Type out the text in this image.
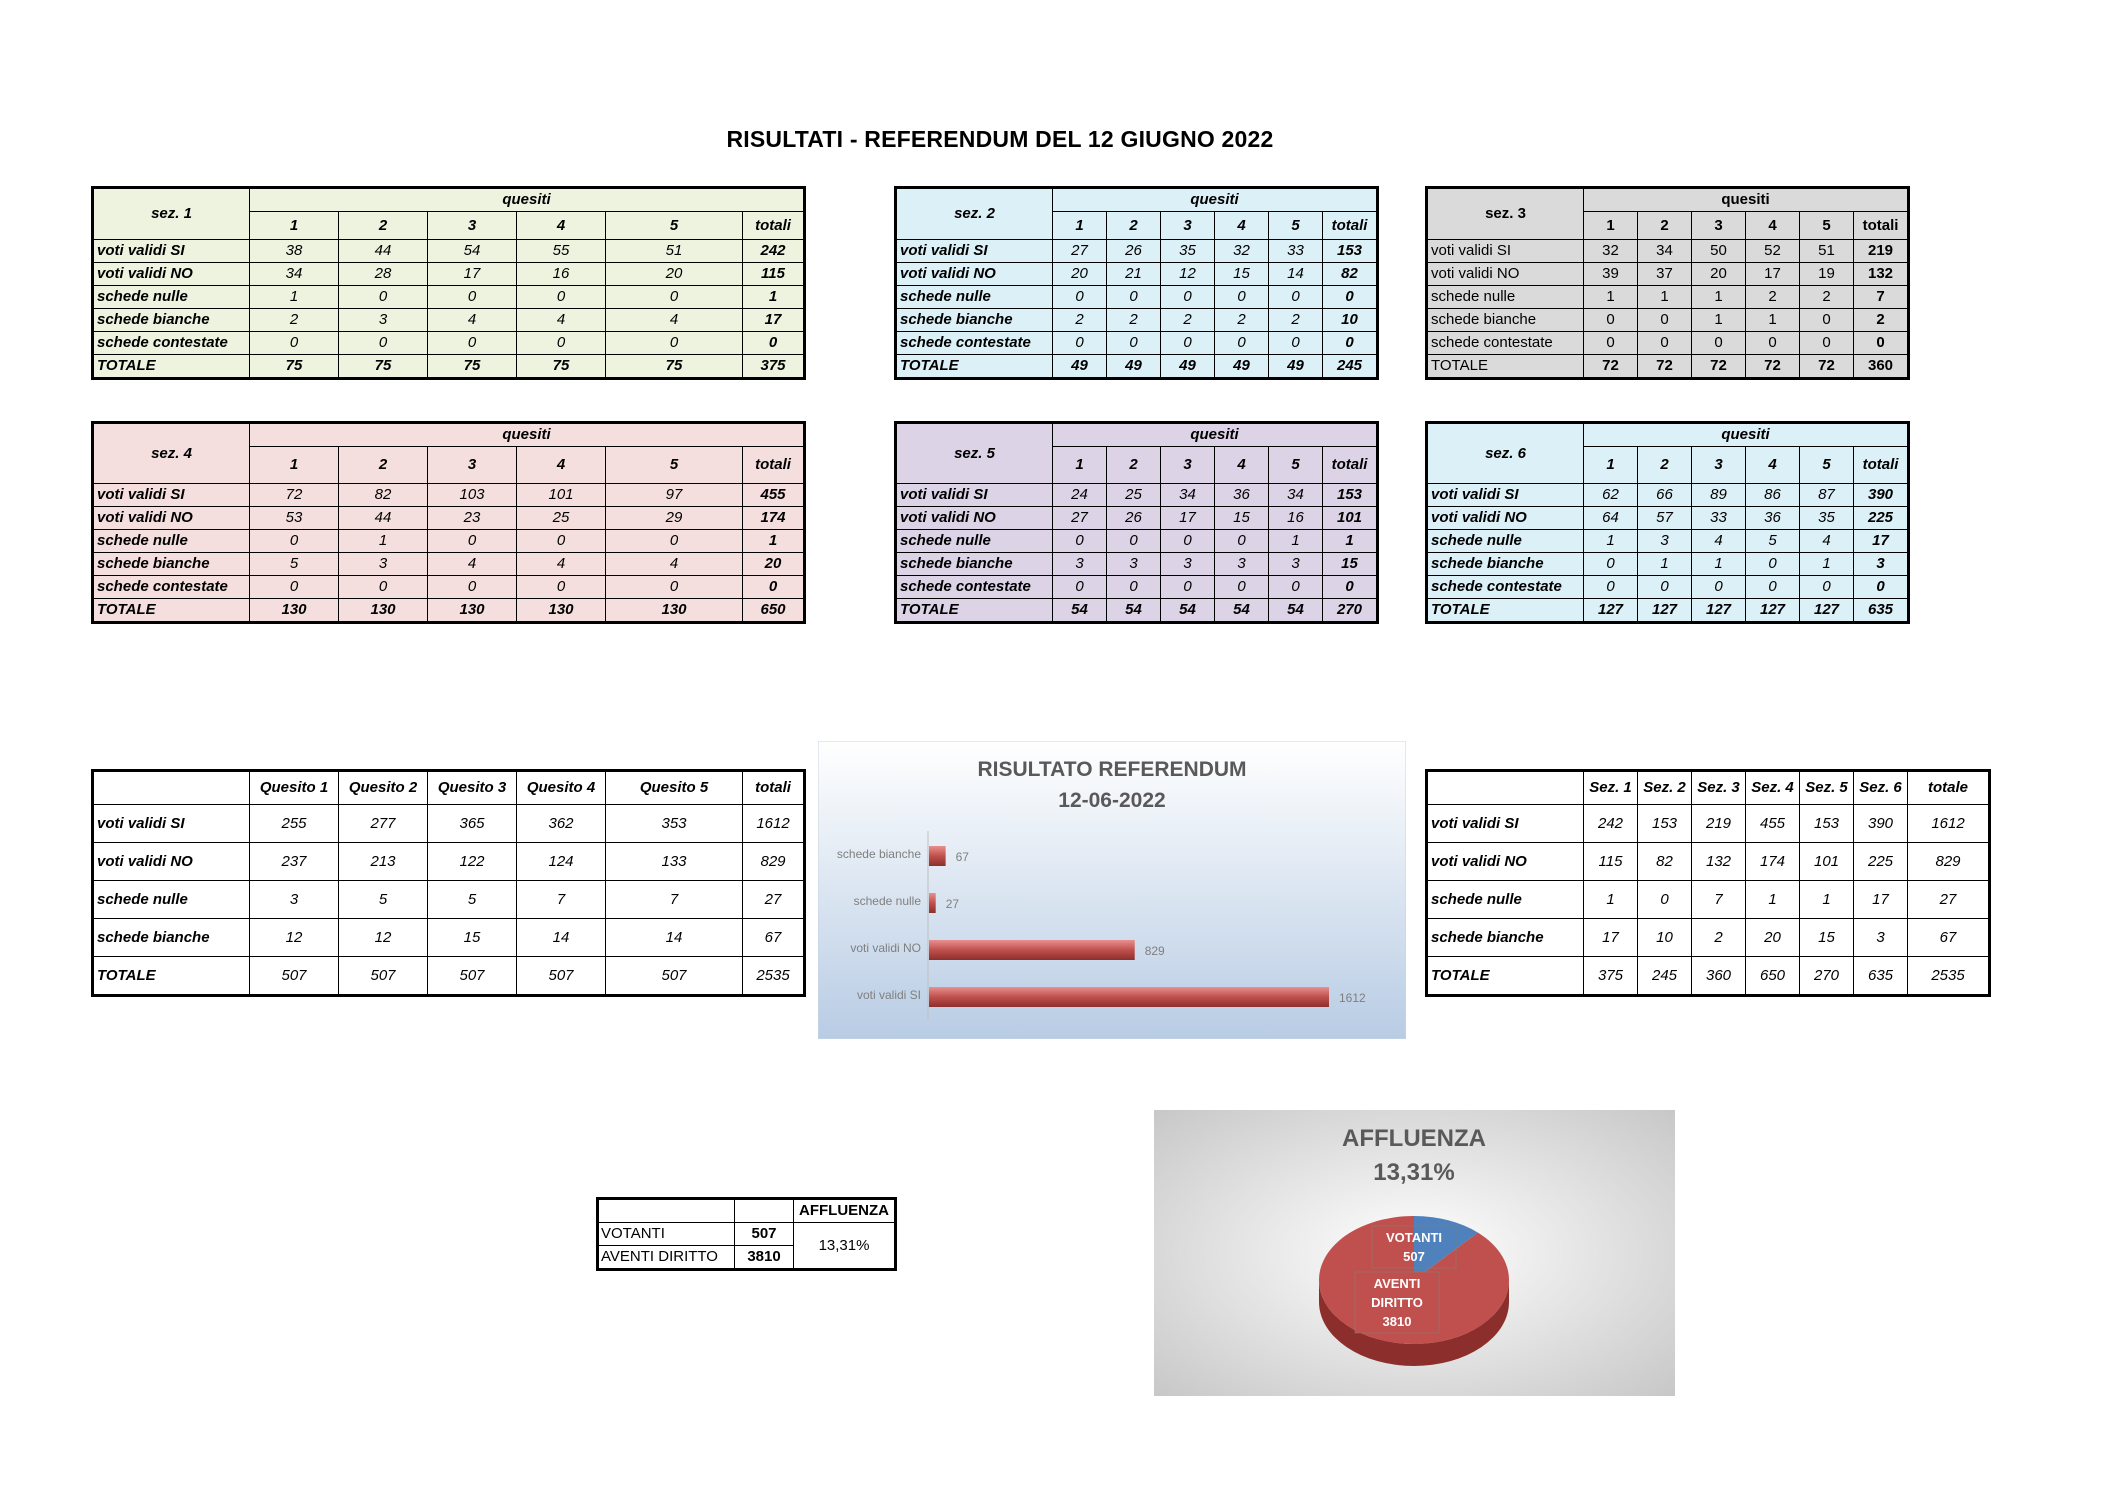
RISULTATI - REFERENDUM DEL 12 GIUGNO 2022
sez. 1	quesiti					
	1	2	3	4	5	totali
voti validi SI	38	44	54	55	51	242
voti validi NO	34	28	17	16	20	115
schede nulle	1	0	0	0	0	1
schede bianche	2	3	4	4	4	17
schede contestate	0	0	0	0	0	0
TOTALE	75	75	75	75	75	375
sez. 2	quesiti					
	1	2	3	4	5	totali
voti validi SI	27	26	35	32	33	153
voti validi NO	20	21	12	15	14	82
schede nulle	0	0	0	0	0	0
schede bianche	2	2	2	2	2	10
schede contestate	0	0	0	0	0	0
TOTALE	49	49	49	49	49	245
sez. 3	quesiti					
	1	2	3	4	5	totali
voti validi SI	32	34	50	52	51	219
voti validi NO	39	37	20	17	19	132
schede nulle	1	1	1	2	2	7
schede bianche	0	0	1	1	0	2
schede contestate	0	0	0	0	0	0
TOTALE	72	72	72	72	72	360
sez. 4	quesiti					
	1	2	3	4	5	totali
voti validi SI	72	82	103	101	97	455
voti validi NO	53	44	23	25	29	174
schede nulle	0	1	0	0	0	1
schede bianche	5	3	4	4	4	20
schede contestate	0	0	0	0	0	0
TOTALE	130	130	130	130	130	650
sez. 5	quesiti					
	1	2	3	4	5	totali
voti validi SI	24	25	34	36	34	153
voti validi NO	27	26	17	15	16	101
schede nulle	0	0	0	0	1	1
schede bianche	3	3	3	3	3	15
schede contestate	0	0	0	0	0	0
TOTALE	54	54	54	54	54	270
sez. 6	quesiti					
	1	2	3	4	5	totali
voti validi SI	62	66	89	86	87	390
voti validi NO	64	57	33	36	35	225
schede nulle	1	3	4	5	4	17
schede bianche	0	1	1	0	1	3
schede contestate	0	0	0	0	0	0
TOTALE	127	127	127	127	127	635
	Quesito 1	Quesito 2	Quesito 3	Quesito 4	Quesito 5	totali
voti validi SI	255	277	365	362	353	1612
voti validi NO	237	213	122	124	133	829
schede nulle	3	5	5	7	7	27
schede bianche	12	12	15	14	14	67
TOTALE	507	507	507	507	507	2535
	Sez. 1	Sez. 2	Sez. 3	Sez. 4	Sez. 5	Sez. 6	totale
voti validi SI	242	153	219	455	153	390	1612
voti validi NO	115	82	132	174	101	225	829
schede nulle	1	0	7	1	1	17	27
schede bianche	17	10	2	20	15	3	67
TOTALE	375	245	360	650	270	635	2535
		AFFLUENZA
VOTANTI	507	13,31%
AVENTI DIRITTO	3810	
RISULTATO REFERENDUM
12-06-2022
schede bianche	67
schede nulle 27
voti validi NO	829
voti validi SI	1612
AFFLUENZA
13,31%
VOTANTI
507
AVENTI
DIRITTO
3810
